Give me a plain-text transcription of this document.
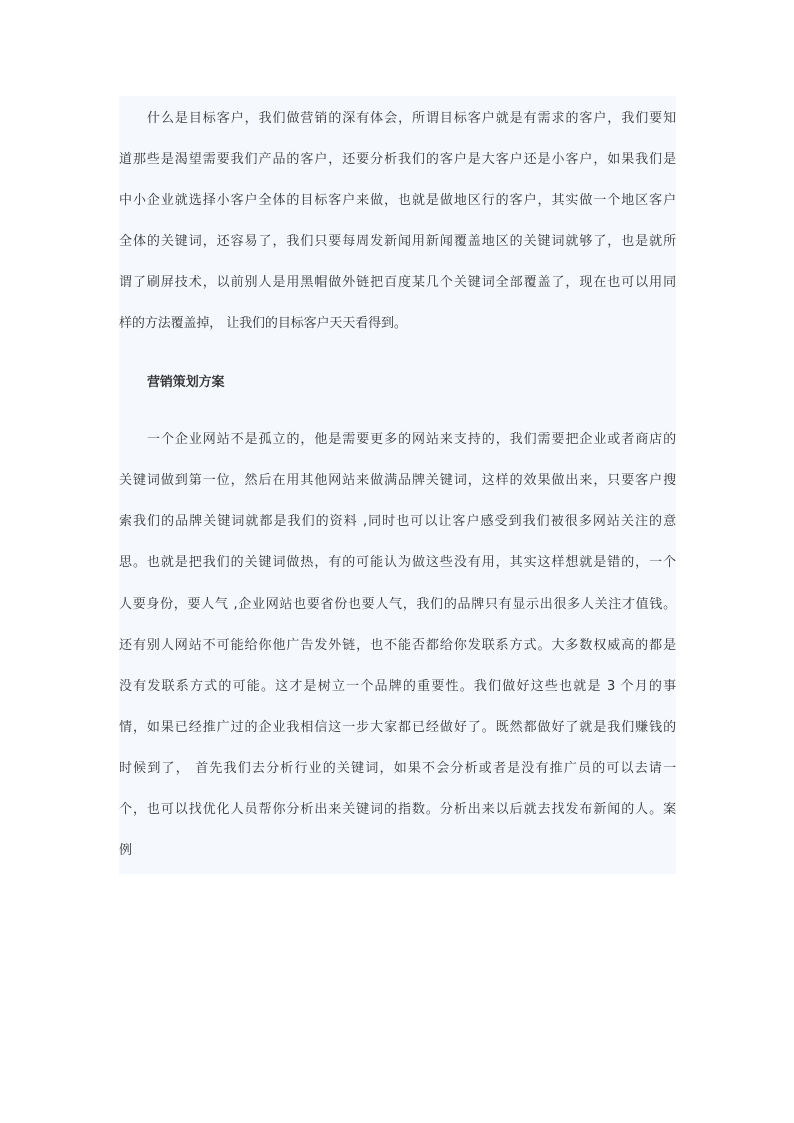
什么是目标客户，我们做营销的深有体会，所谓目标客户就是有需求的客户，我们要知
道那些是渴望需要我们产品的客户，还要分析我们的客户是大客户还是小客户，如果我们是
中小企业就选择小客户全体的目标客户来做，也就是做地区行的客户，其实做一个地区客户
全体的关键词，还容易了，我们只要每周发新闻用新闻覆盖地区的关键词就够了，也是就所
谓了刷屏技术，以前别人是用黑帽做外链把百度某几个关键词全部覆盖了，现在也可以用同
样的方法覆盖掉， 让我们的目标客户天天看得到。
营销策划方案
一个企业网站不是孤立的，他是需要更多的网站来支持的，我们需要把企业或者商店的
关键词做到第一位，然后在用其他网站来做满品牌关键词，这样的效果做出来，只要客户搜
索我们的品牌关键词就都是我们的资料 ,同时也可以让客户感受到我们被很多网站关注的意
思。也就是把我们的关键词做热，有的可能认为做这些没有用，其实这样想就是错的，一个
人要身份，要人气 ,企业网站也要省份也要人气，我们的品牌只有显示出很多人关注才值钱。
还有别人网站不可能给你他广告发外链，也不能否都给你发联系方式。大多数权威高的都是
没有发联系方式的可能。这才是树立一个品牌的重要性。我们做好这些也就是 3 个月的事
情，如果已经推广过的企业我相信这一步大家都已经做好了。既然都做好了就是我们赚钱的
时候到了， 首先我们去分析行业的关键词，如果不会分析或者是没有推广员的可以去请一
个，也可以找优化人员帮你分析出来关键词的指数。分析出来以后就去找发布新闻的人。案
例
